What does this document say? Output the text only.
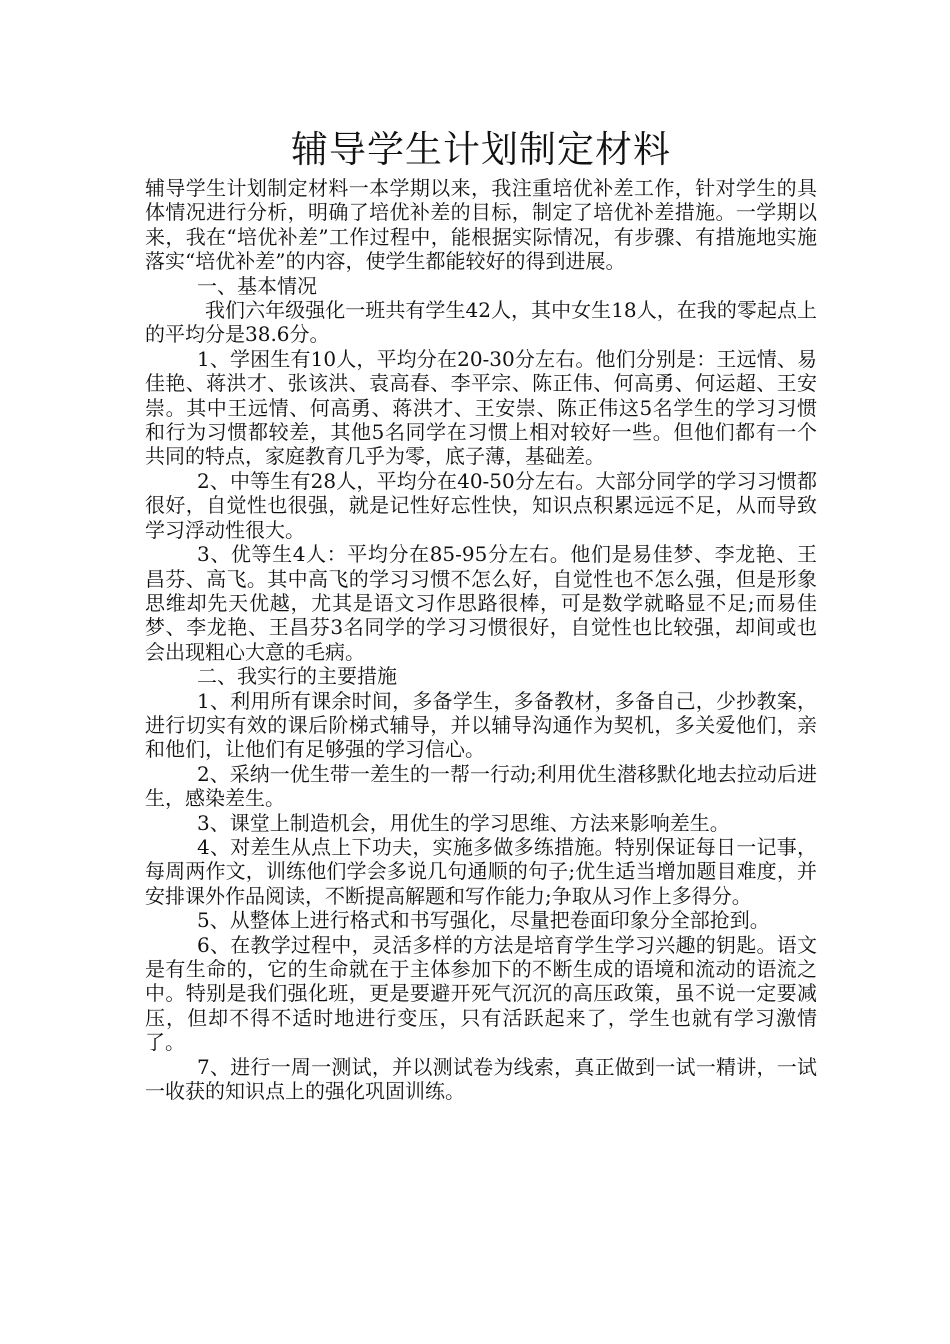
辅导学生计划制定材料

辅导学生计划制定材料一本学期以来，我注重培优补差工作，针对学生的具体情况进行分析，明确了培优补差的目标，制定了培优补差措施。一学期以来，我在“培优补差”工作过程中，能根据实际情况，有步骤、有措施地实施落实“培优补差”的内容，使学生都能较好的得到进展。

一、基本情况

我们六年级强化一班共有学生42人，其中女生18人，在我的零起点上的平均分是38.6分。

1、学困生有10人，平均分在20-30分左右。他们分别是：王远情、易佳艳、蒋洪才、张该洪、袁高春、李平宗、陈正伟、何高勇、何运超、王安崇。其中王远情、何高勇、蒋洪才、王安崇、陈正伟这5名学生的学习习惯和行为习惯都较差，其他5名同学在习惯上相对较好一些。但他们都有一个共同的特点，家庭教育几乎为零，底子薄，基础差。

2、中等生有28人，平均分在40-50分左右。大部分同学的学习习惯都很好，自觉性也很强，就是记性好忘性快，知识点积累远远不足，从而导致学习浮动性很大。

3、优等生4人：平均分在85-95分左右。他们是易佳梦、李龙艳、王昌芬、高飞。其中高飞的学习习惯不怎么好，自觉性也不怎么强，但是形象思维却先天优越，尤其是语文习作思路很棒，可是数学就略显不足;而易佳梦、李龙艳、王昌芬3名同学的学习习惯很好，自觉性也比较强，却间或也会出现粗心大意的毛病。

二、我实行的主要措施

1、利用所有课余时间，多备学生，多备教材，多备自己，少抄教案，进行切实有效的课后阶梯式辅导，并以辅导沟通作为契机，多关爱他们，亲和他们，让他们有足够强的学习信心。

2、采纳一优生带一差生的一帮一行动;利用优生潜移默化地去拉动后进生，感染差生。

3、课堂上制造机会，用优生的学习思维、方法来影响差生。

4、对差生从点上下功夫，实施多做多练措施。特别保证每日一记事，每周两作文，训练他们学会多说几句通顺的句子;优生适当增加题目难度，并安排课外作品阅读，不断提高解题和写作能力;争取从习作上多得分。

5、从整体上进行格式和书写强化，尽量把卷面印象分全部抢到。

6、在教学过程中，灵活多样的方法是培育学生学习兴趣的钥匙。语文是有生命的，它的生命就在于主体参加下的不断生成的语境和流动的语流之中。特别是我们强化班，更是要避开死气沉沉的高压政策，虽不说一定要减压，但却不得不适时地进行变压，只有活跃起来了，学生也就有学习激情了。

7、进行一周一测试，并以测试卷为线索，真正做到一试一精讲，一试一收获的知识点上的强化巩固训练。
